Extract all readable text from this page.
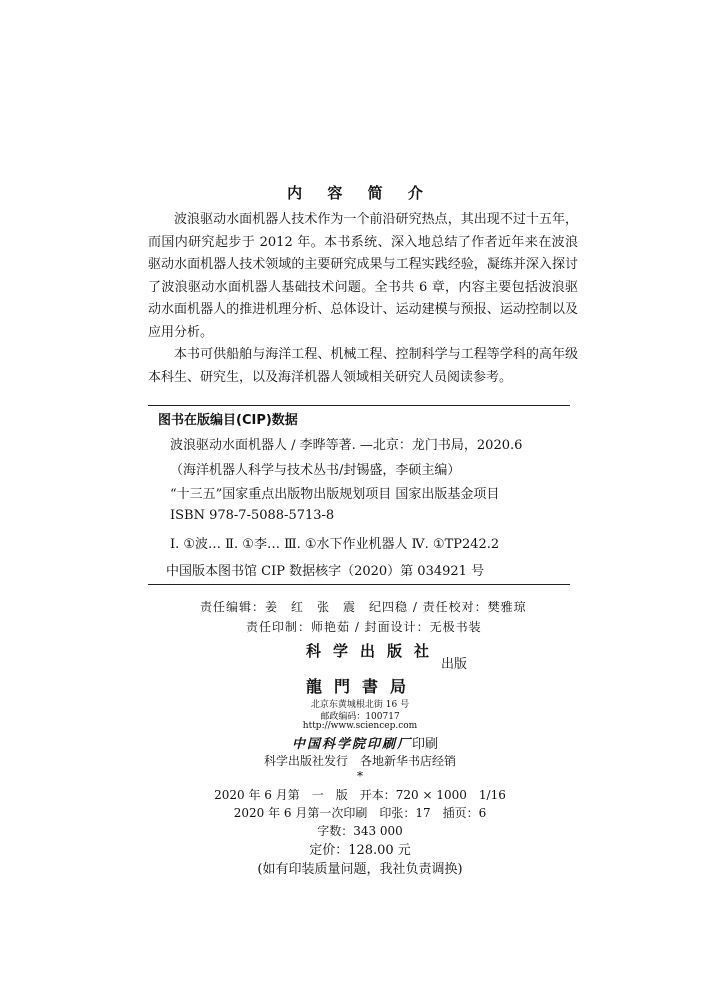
内 容 简 介

波浪驱动水面机器人技术作为一个前沿研究热点，其出现不过十五年，而国内研究起步于 2012 年。本书系统、深入地总结了作者近年来在波浪驱动水面机器人技术领域的主要研究成果与工程实践经验，凝练并深入探讨了波浪驱动水面机器人基础技术问题。全书共 6 章，内容主要包括波浪驱动水面机器人的推进机理分析、总体设计、运动建模与预报、运动控制以及应用分析。

本书可供船舶与海洋工程、机械工程、控制科学与工程等学科的高年级本科生、研究生，以及海洋机器人领域相关研究人员阅读参考。

图书在版编目(CIP)数据
波浪驱动水面机器人 / 李晔等著. —北京：龙门书局，2020.6
（海洋机器人科学与技术丛书/封锡盛，李硕主编）
“十三五”国家重点出版物出版规划项目 国家出版基金项目
ISBN 978-7-5088-5713-8
Ⅰ. ①波… Ⅱ. ①李… Ⅲ. ①水下作业机器人 Ⅳ. ①TP242.2
中国版本图书馆 CIP 数据核字（2020）第 034921 号
责任编辑：姜　红　张　震　纪四稳 / 责任校对：樊雅琼
责任印制：师艳茹 / 封面设计：无极书装
科学出版社出版
龍門書局
北京东黄城根北街 16 号
邮政编码：100717
http://www.sciencep.com
中国科学院印刷厂印刷
科学出版社发行　各地新华书店经销
*
2020 年 6 月第　一　版　开本：720 × 1000　1/16
2020 年 6 月第一次印刷　印张：17　插页：6
字数：343 000
定价：128.00 元
(如有印装质量问题，我社负责调换)
